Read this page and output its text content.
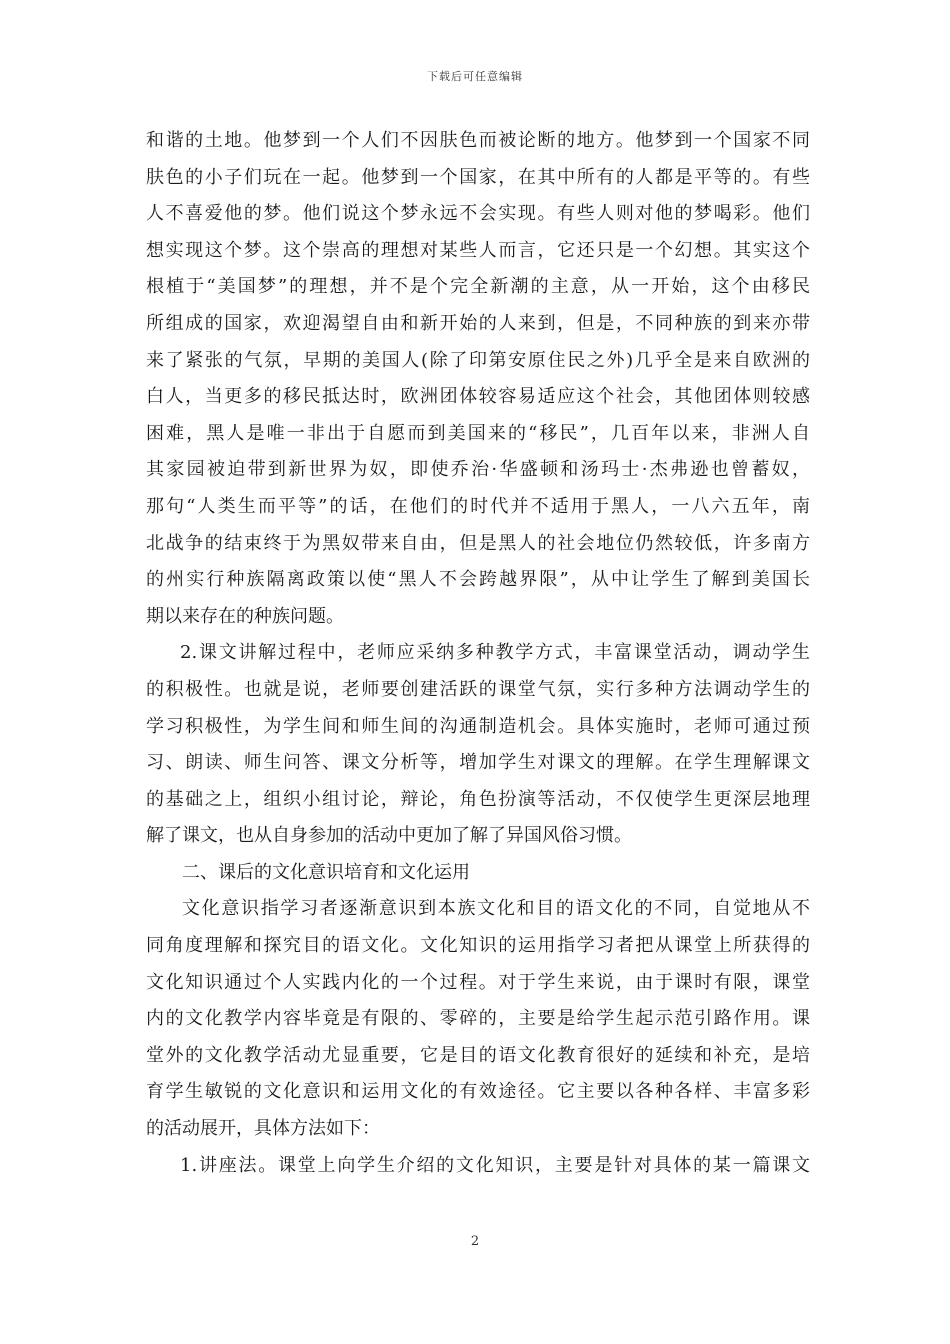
下载后可任意编辑
和谐的土地。他梦到一个人们不因肤色而被论断的地方。他梦到一个国家不同
肤色的小子们玩在一起。他梦到一个国家，在其中所有的人都是平等的。有些
人不喜爱他的梦。他们说这个梦永远不会实现。有些人则对他的梦喝彩。他们
想实现这个梦。这个崇高的理想对某些人而言，它还只是一个幻想。其实这个
根植于“美国梦”的理想，并不是个完全新潮的主意，从一开始，这个由移民
所组成的国家，欢迎渴望自由和新开始的人来到，但是，不同种族的到来亦带
来了紧张的气氛，早期的美国人(除了印第安原住民之外)几乎全是来自欧洲的
白人，当更多的移民抵达时，欧洲团体较容易适应这个社会，其他团体则较感
困难，黑人是唯一非出于自愿而到美国来的“移民”，几百年以来，非洲人自
其家园被迫带到新世界为奴，即使乔治·华盛顿和汤玛士·杰弗逊也曾蓄奴，
那句“人类生而平等”的话，在他们的时代并不适用于黑人，一八六五年，南
北战争的结束终于为黑奴带来自由，但是黑人的社会地位仍然较低，许多南方
的州实行种族隔离政策以使“黑人不会跨越界限”，从中让学生了解到美国长
期以来存在的种族问题。
2.课文讲解过程中，老师应采纳多种教学方式，丰富课堂活动，调动学生
的积极性。也就是说，老师要创建活跃的课堂气氛，实行多种方法调动学生的
学习积极性，为学生间和师生间的沟通制造机会。具体实施时，老师可通过预
习、朗读、师生问答、课文分析等，增加学生对课文的理解。在学生理解课文
的基础之上，组织小组讨论，辩论，角色扮演等活动，不仅使学生更深层地理
解了课文，也从自身参加的活动中更加了解了异国风俗习惯。
二、课后的文化意识培育和文化运用
文化意识指学习者逐渐意识到本族文化和目的语文化的不同，自觉地从不
同角度理解和探究目的语文化。文化知识的运用指学习者把从课堂上所获得的
文化知识通过个人实践内化的一个过程。对于学生来说，由于课时有限，课堂
内的文化教学内容毕竟是有限的、零碎的，主要是给学生起示范引路作用。课
堂外的文化教学活动尤显重要，它是目的语文化教育很好的延续和补充，是培
育学生敏锐的文化意识和运用文化的有效途径。它主要以各种各样、丰富多彩
的活动展开，具体方法如下：
1.讲座法。课堂上向学生介绍的文化知识，主要是针对具体的某一篇课文
2
